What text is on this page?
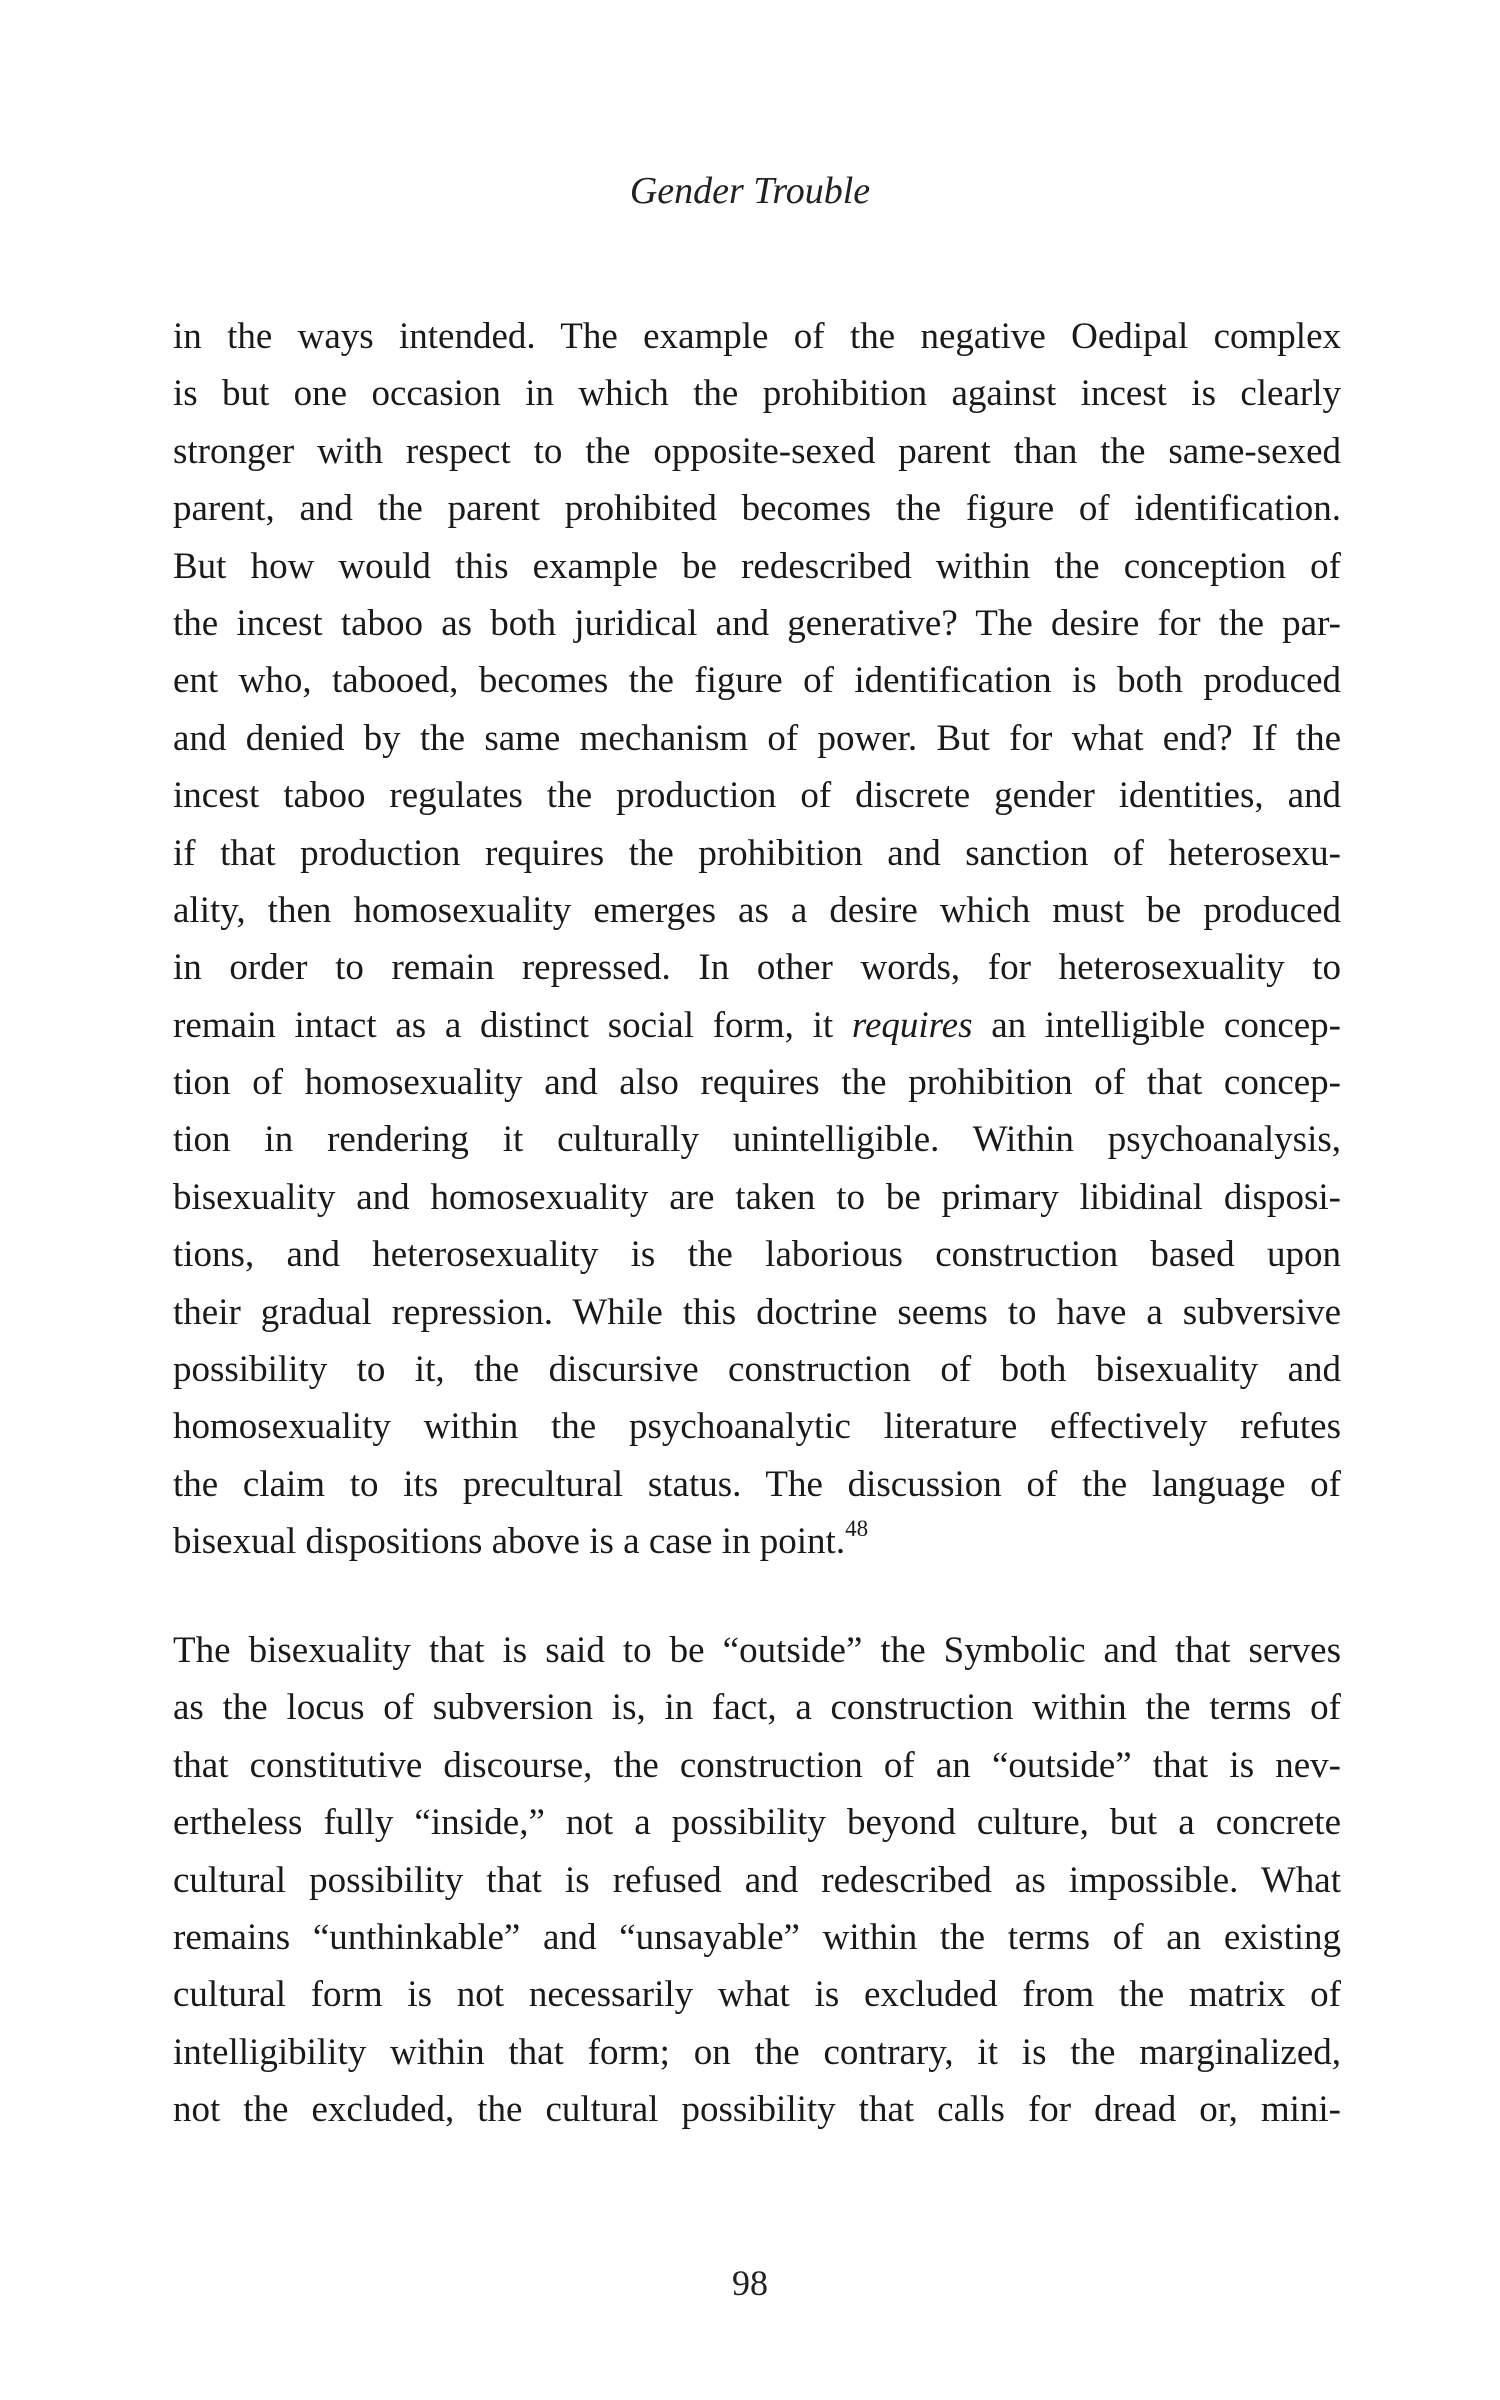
Gender Trouble
in the ways intended. The example of the negative Oedipal complex
is but one occasion in which the prohibition against incest is clearly
stronger with respect to the opposite-sexed parent than the same-sexed
parent, and the parent prohibited becomes the figure of identification.
But how would this example be redescribed within the conception of
the incest taboo as both juridical and generative? The desire for the par-
ent who, tabooed, becomes the figure of identification is both produced
and denied by the same mechanism of power. But for what end? If the
incest taboo regulates the production of discrete gender identities, and
if that production requires the prohibition and sanction of heterosexu-
ality, then homosexuality emerges as a desire which must be produced
in order to remain repressed. In other words, for heterosexuality to
remain intact as a distinct social form, it requires an intelligible concep-
tion of homosexuality and also requires the prohibition of that concep-
tion in rendering it culturally unintelligible. Within psychoanalysis,
bisexuality and homosexuality are taken to be primary libidinal disposi-
tions, and heterosexuality is the laborious construction based upon
their gradual repression. While this doctrine seems to have a subversive
possibility to it, the discursive construction of both bisexuality and
homosexuality within the psychoanalytic literature effectively refutes
the claim to its precultural status. The discussion of the language of
bisexual dispositions above is a case in point.$^{48}$
The bisexuality that is said to be “outside” the Symbolic and that serves
as the locus of subversion is, in fact, a construction within the terms of
that constitutive discourse, the construction of an “outside” that is nev-
ertheless fully “inside,” not a possibility beyond culture, but a concrete
cultural possibility that is refused and redescribed as impossible. What
remains “unthinkable” and “unsayable” within the terms of an existing
cultural form is not necessarily what is excluded from the matrix of
intelligibility within that form; on the contrary, it is the marginalized,
not the excluded, the cultural possibility that calls for dread or, mini-
98
